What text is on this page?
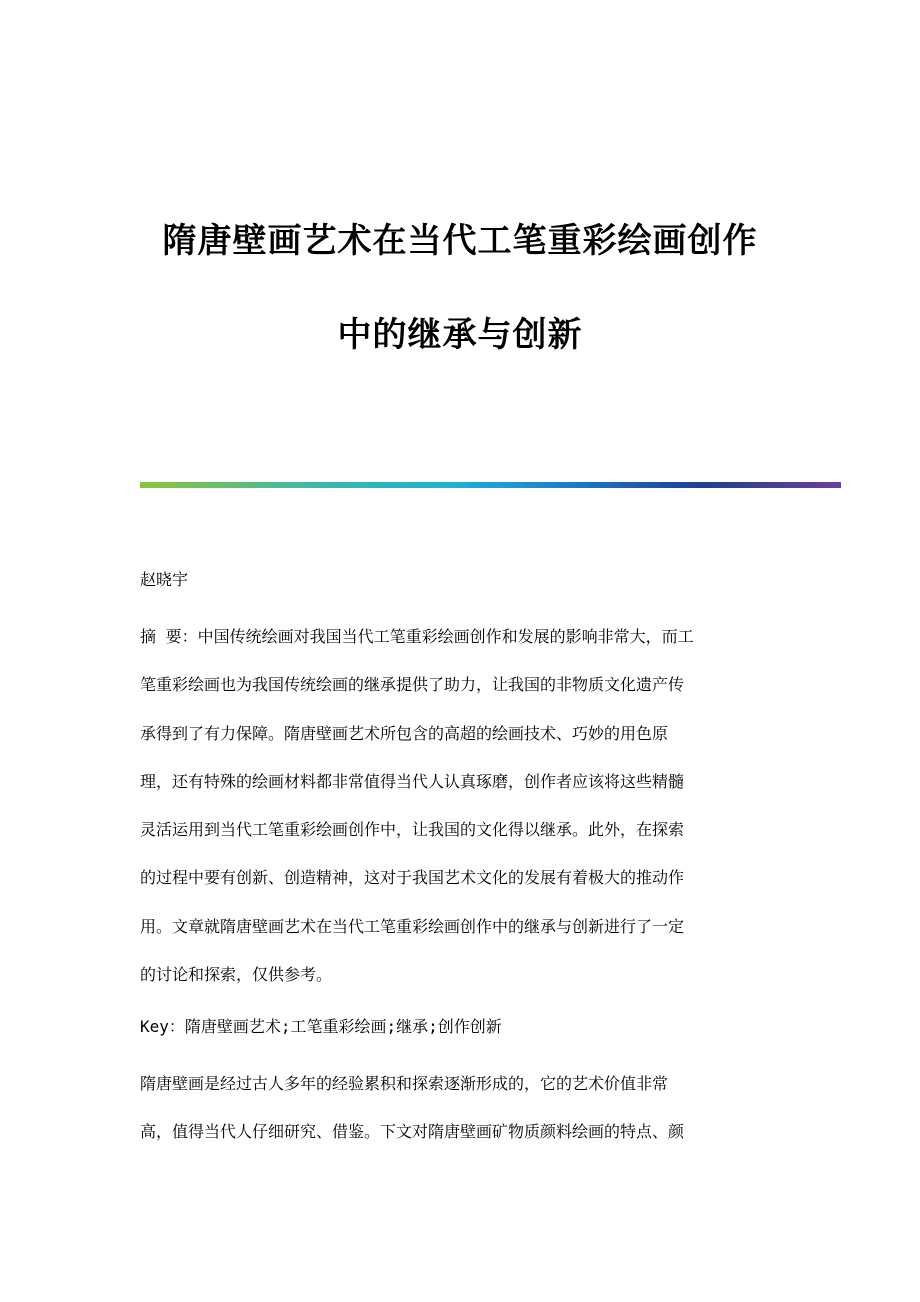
隋唐壁画艺术在当代工笔重彩绘画创作
中的继承与创新
赵晓宇
摘 要：中国传统绘画对我国当代工笔重彩绘画创作和发展的影响非常大，而工
笔重彩绘画也为我国传统绘画的继承提供了助力，让我国的非物质文化遗产传
承得到了有力保障。隋唐壁画艺术所包含的高超的绘画技术、巧妙的用色原
理，还有特殊的绘画材料都非常值得当代人认真琢磨，创作者应该将这些精髓
灵活运用到当代工笔重彩绘画创作中，让我国的文化得以继承。此外，在探索
的过程中要有创新、创造精神，这对于我国艺术文化的发展有着极大的推动作
用。文章就隋唐壁画艺术在当代工笔重彩绘画创作中的继承与创新进行了一定
的讨论和探索，仅供参考。
Key：隋唐壁画艺术;工笔重彩绘画;继承;创作创新
隋唐壁画是经过古人多年的经验累积和探索逐渐形成的，它的艺术价值非常
高，值得当代人仔细研究、借鉴。下文对隋唐壁画矿物质颜料绘画的特点、颜
